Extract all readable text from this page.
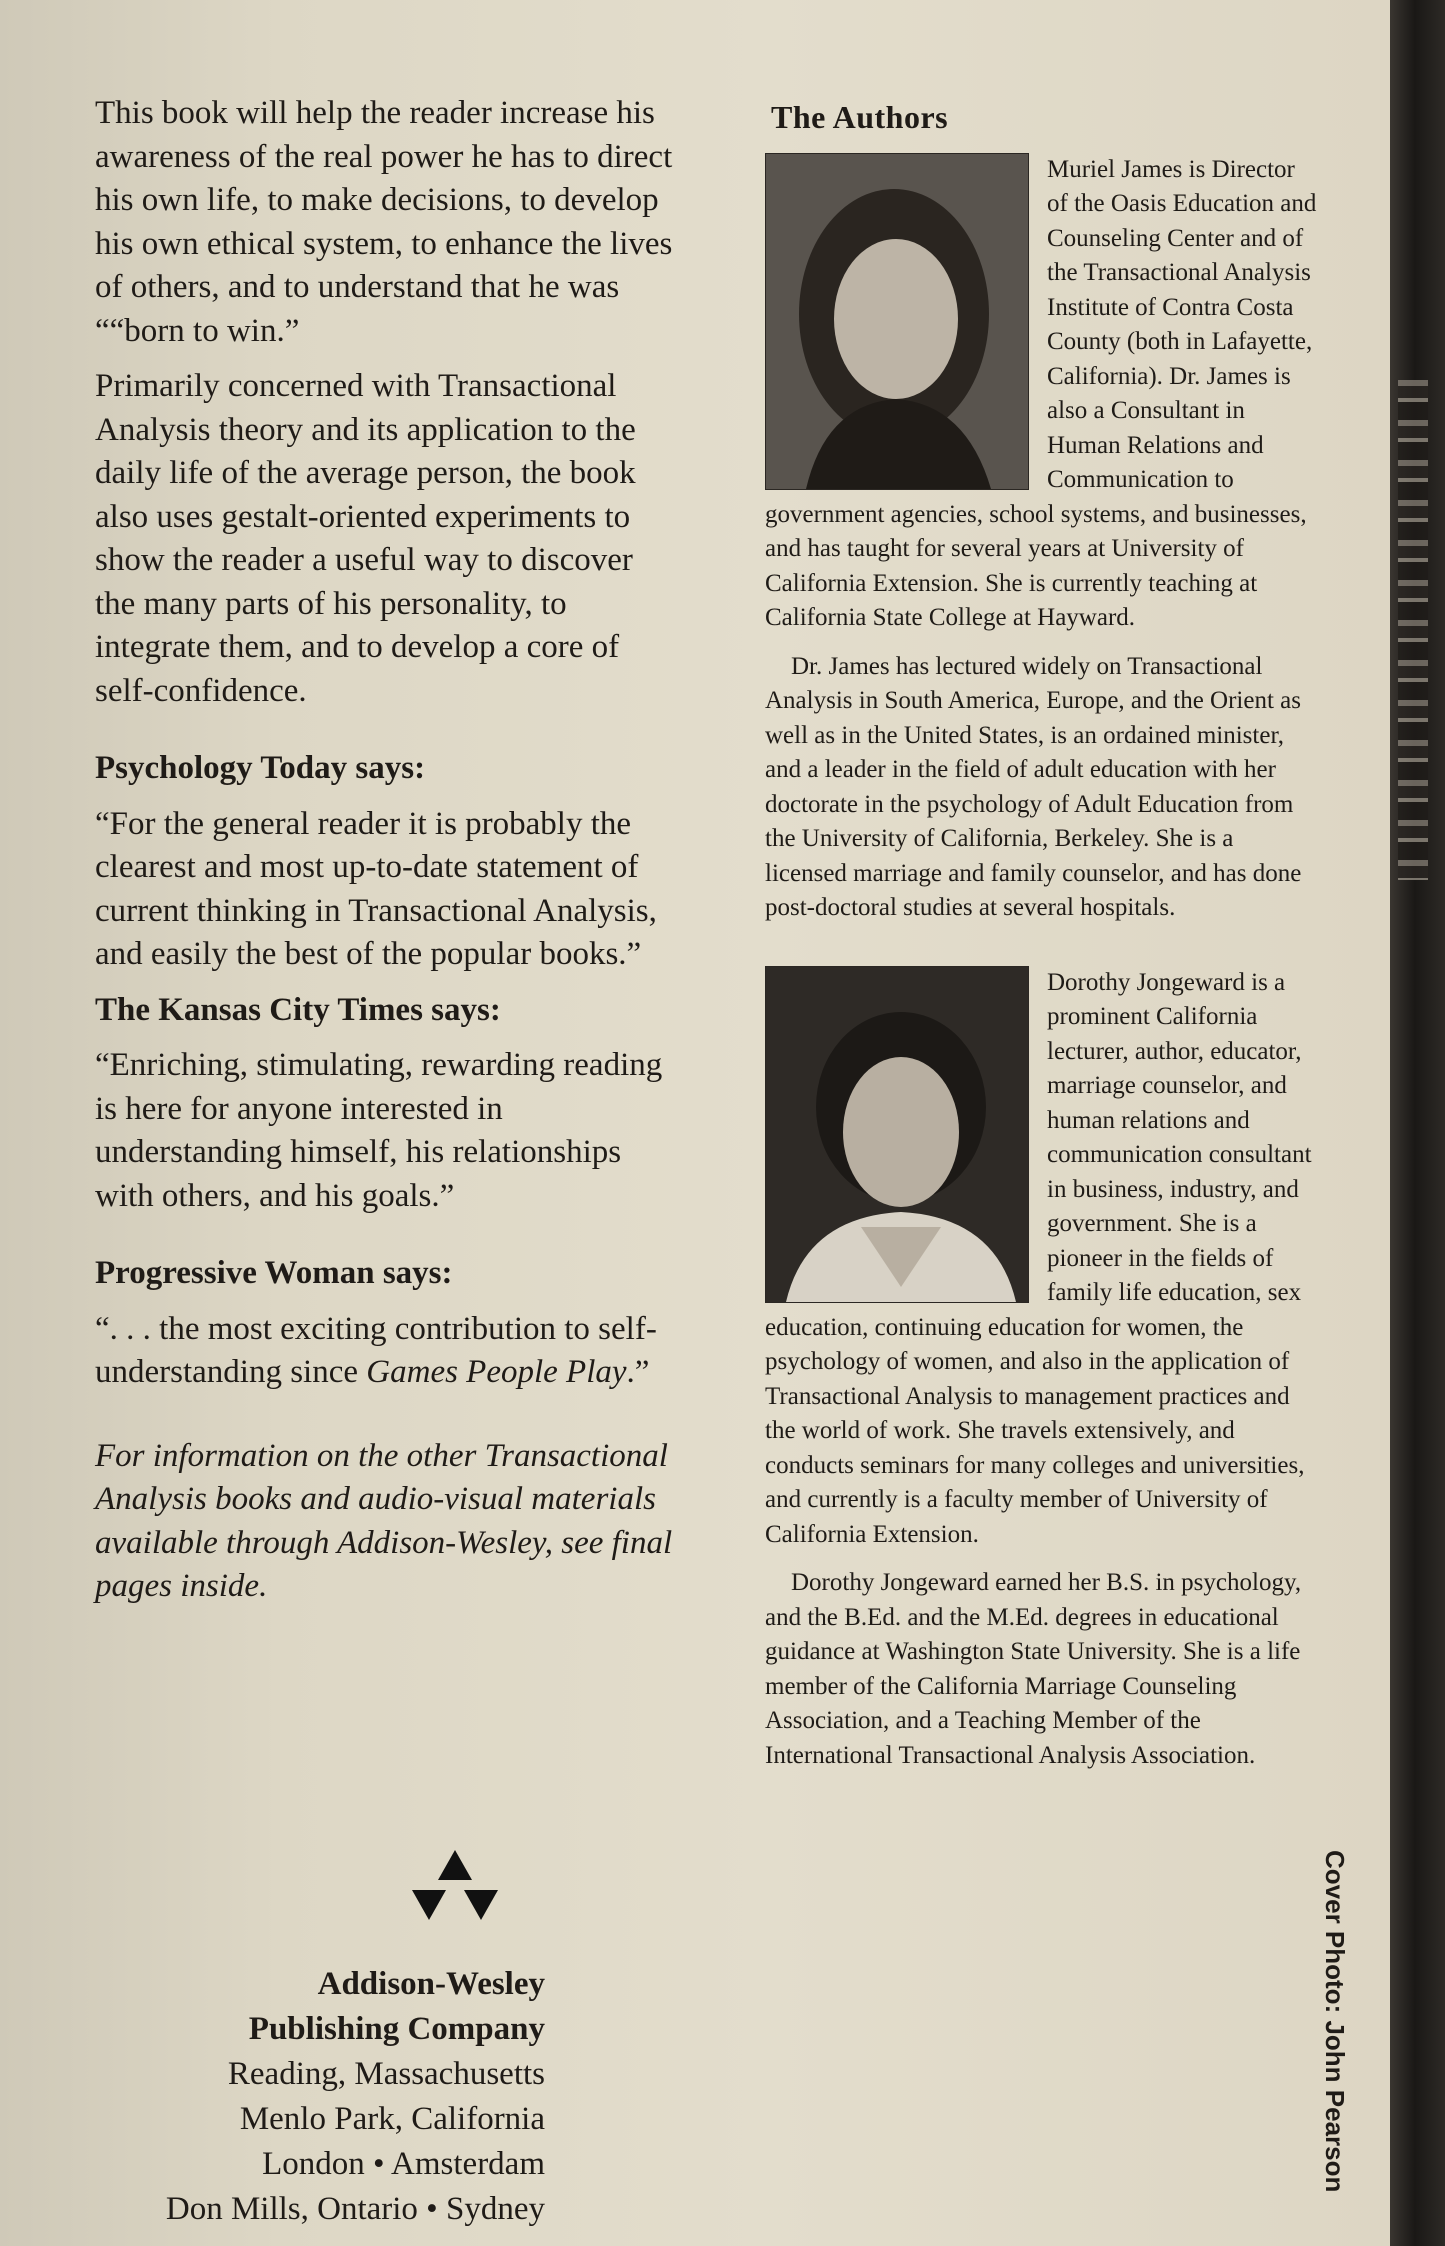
This book will help the reader increase his awareness of the real power he has to direct his own life, to make decisions, to develop his own ethical system, to enhance the lives of others, and to understand that he was ““born to win.”

Primarily concerned with Transactional Analysis theory and its application to the daily life of the average person, the book also uses gestalt-oriented experiments to show the reader a useful way to discover the many parts of his personality, to integrate them, and to develop a core of self-confidence.

Psychology Today says:

“For the general reader it is probably the clearest and most up-to-date statement of current thinking in Transactional Analysis, and easily the best of the popular books.”

The Kansas City Times says:

“Enriching, stimulating, rewarding reading is here for anyone interested in understanding himself, his relationships with others, and his goals.”

Progressive Woman says:

“. . . the most exciting contribution to self-understanding since Games People Play.”

For information on the other Transactional Analysis books and audio-visual materials available through Addison-Wesley, see final pages inside.

Addison-Wesley
Publishing Company
Reading, Massachusetts
Menlo Park, California
London • Amsterdam
Don Mills, Ontario • Sydney
The Authors

Muriel James is Director of the Oasis Education and Counseling Center and of the Transactional Analysis Institute of Contra Costa County (both in Lafayette, California). Dr. James is also a Consultant in Human Relations and Communication to government agencies, school systems, and businesses, and has taught for several years at University of California Extension. She is currently teaching at California State College at Hayward.

Dr. James has lectured widely on Transactional Analysis in South America, Europe, and the Orient as well as in the United States, is an ordained minister, and a leader in the field of adult education with her doctorate in the psychology of Adult Education from the University of California, Berkeley. She is a licensed marriage and family counselor, and has done post-doctoral studies at several hospitals.

Dorothy Jongeward is a prominent California lecturer, author, educator, marriage counselor, and human relations and communication consultant in business, industry, and government. She is a pioneer in the fields of family life education, sex education, continuing education for women, the psychology of women, and also in the application of Transactional Analysis to management practices and the world of work. She travels extensively, and conducts seminars for many colleges and universities, and currently is a faculty member of University of California Extension.

Dorothy Jongeward earned her B.S. in psychology, and the B.Ed. and the M.Ed. degrees in educational guidance at Washington State University. She is a life member of the California Marriage Counseling Association, and a Teaching Member of the International Transactional Analysis Association.

Cover Photo: John Pearson
